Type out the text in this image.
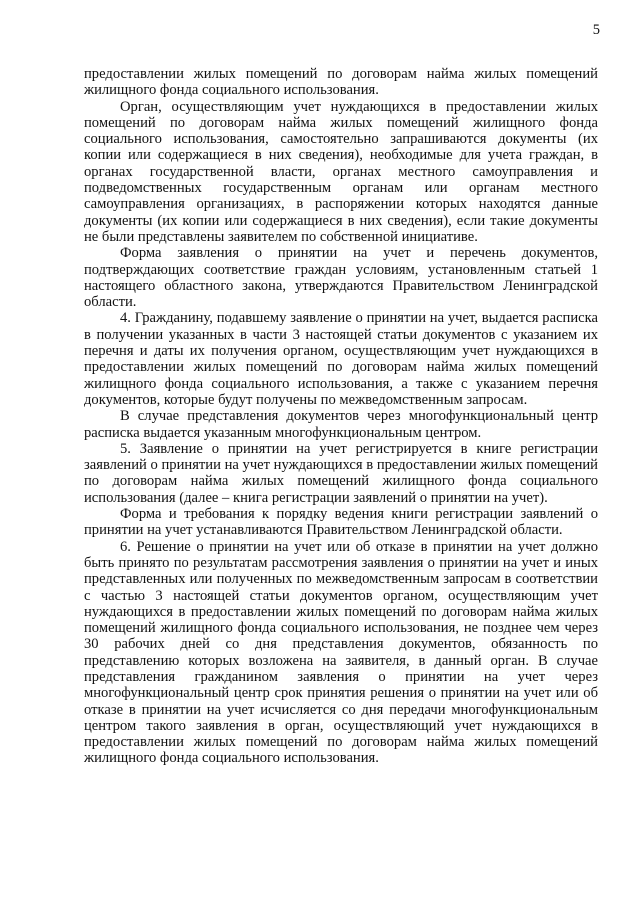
5

предоставлении жилых помещений по договорам найма жилых помещений жилищного фонда социального использования.

Орган, осуществляющим учет нуждающихся в предоставлении жилых помещений по договорам найма жилых помещений жилищного фонда социального использования, самостоятельно запрашиваются документы (их копии или содержащиеся в них сведения), необходимые для учета граждан, в органах государственной власти, органах местного самоуправления и подведомственных государственным органам или органам местного самоуправления организациях, в распоряжении которых находятся данные документы (их копии или содержащиеся в них сведения), если такие документы не были представлены заявителем по собственной инициативе.

Форма заявления о принятии на учет и перечень документов, подтверждающих соответствие граждан условиям, установленным статьей 1 настоящего областного закона, утверждаются Правительством Ленинградской области.

4. Гражданину, подавшему заявление о принятии на учет, выдается расписка в получении указанных в части 3 настоящей статьи документов с указанием их перечня и даты их получения органом, осуществляющим учет нуждающихся в предоставлении жилых помещений по договорам найма жилых помещений жилищного фонда социального использования, а также с указанием перечня документов, которые будут получены по межведомственным запросам.

В случае представления документов через многофункциональный центр расписка выдается указанным многофункциональным центром.

5. Заявление о принятии на учет регистрируется в книге регистрации заявлений о принятии на учет нуждающихся в предоставлении жилых помещений по договорам найма жилых помещений жилищного фонда социального использования (далее – книга регистрации заявлений о принятии на учет).

Форма и требования к порядку ведения книги регистрации заявлений о принятии на учет устанавливаются Правительством Ленинградской области.

6. Решение о принятии на учет или об отказе в принятии на учет должно быть принято по результатам рассмотрения заявления о принятии на учет и иных представленных или полученных по межведомственным запросам в соответствии с частью 3 настоящей статьи документов органом, осуществляющим учет нуждающихся в предоставлении жилых помещений по договорам найма жилых помещений жилищного фонда социального использования, не позднее чем через 30 рабочих дней со дня представления документов, обязанность по представлению которых возложена на заявителя, в данный орган. В случае представления гражданином заявления о принятии на учет через многофункциональный центр срок принятия решения о принятии на учет или об отказе в принятии на учет исчисляется со дня передачи многофункциональным центром такого заявления в орган, осуществляющий учет нуждающихся в предоставлении жилых помещений по договорам найма жилых помещений жилищного фонда социального использования.
